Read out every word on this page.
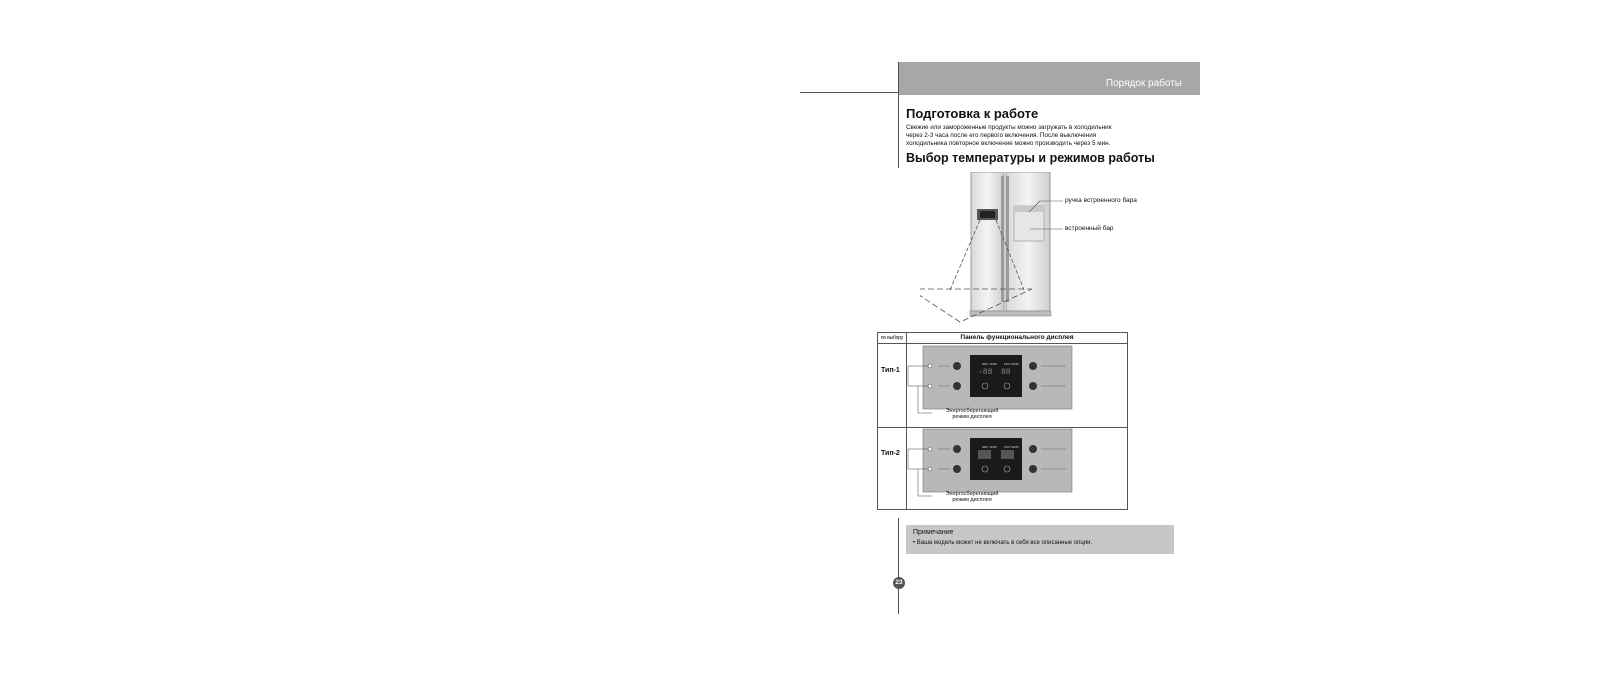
Порядок работы
Подготовка к работе
Свежие или замороженные продукты можно загружать в холодильник
через 2-3 часа после его первого включения. После выключения
холодильника повторное включение можно производить через 5 мин.
Выбор температуры и режимов работы
ручка встроенного бара
встроенный бар
по выбору	Панель функционального дисплея
Тип-1
REF TEMP FRZ TEMP
-88 88
Энергосберегающий
режим дисплея
Тип-2
REF TEMP FRZ TEMP
Энергосберегающий
режим дисплея
Примечание
• Ваша модель может не включать в себя все описанные опции.
23
